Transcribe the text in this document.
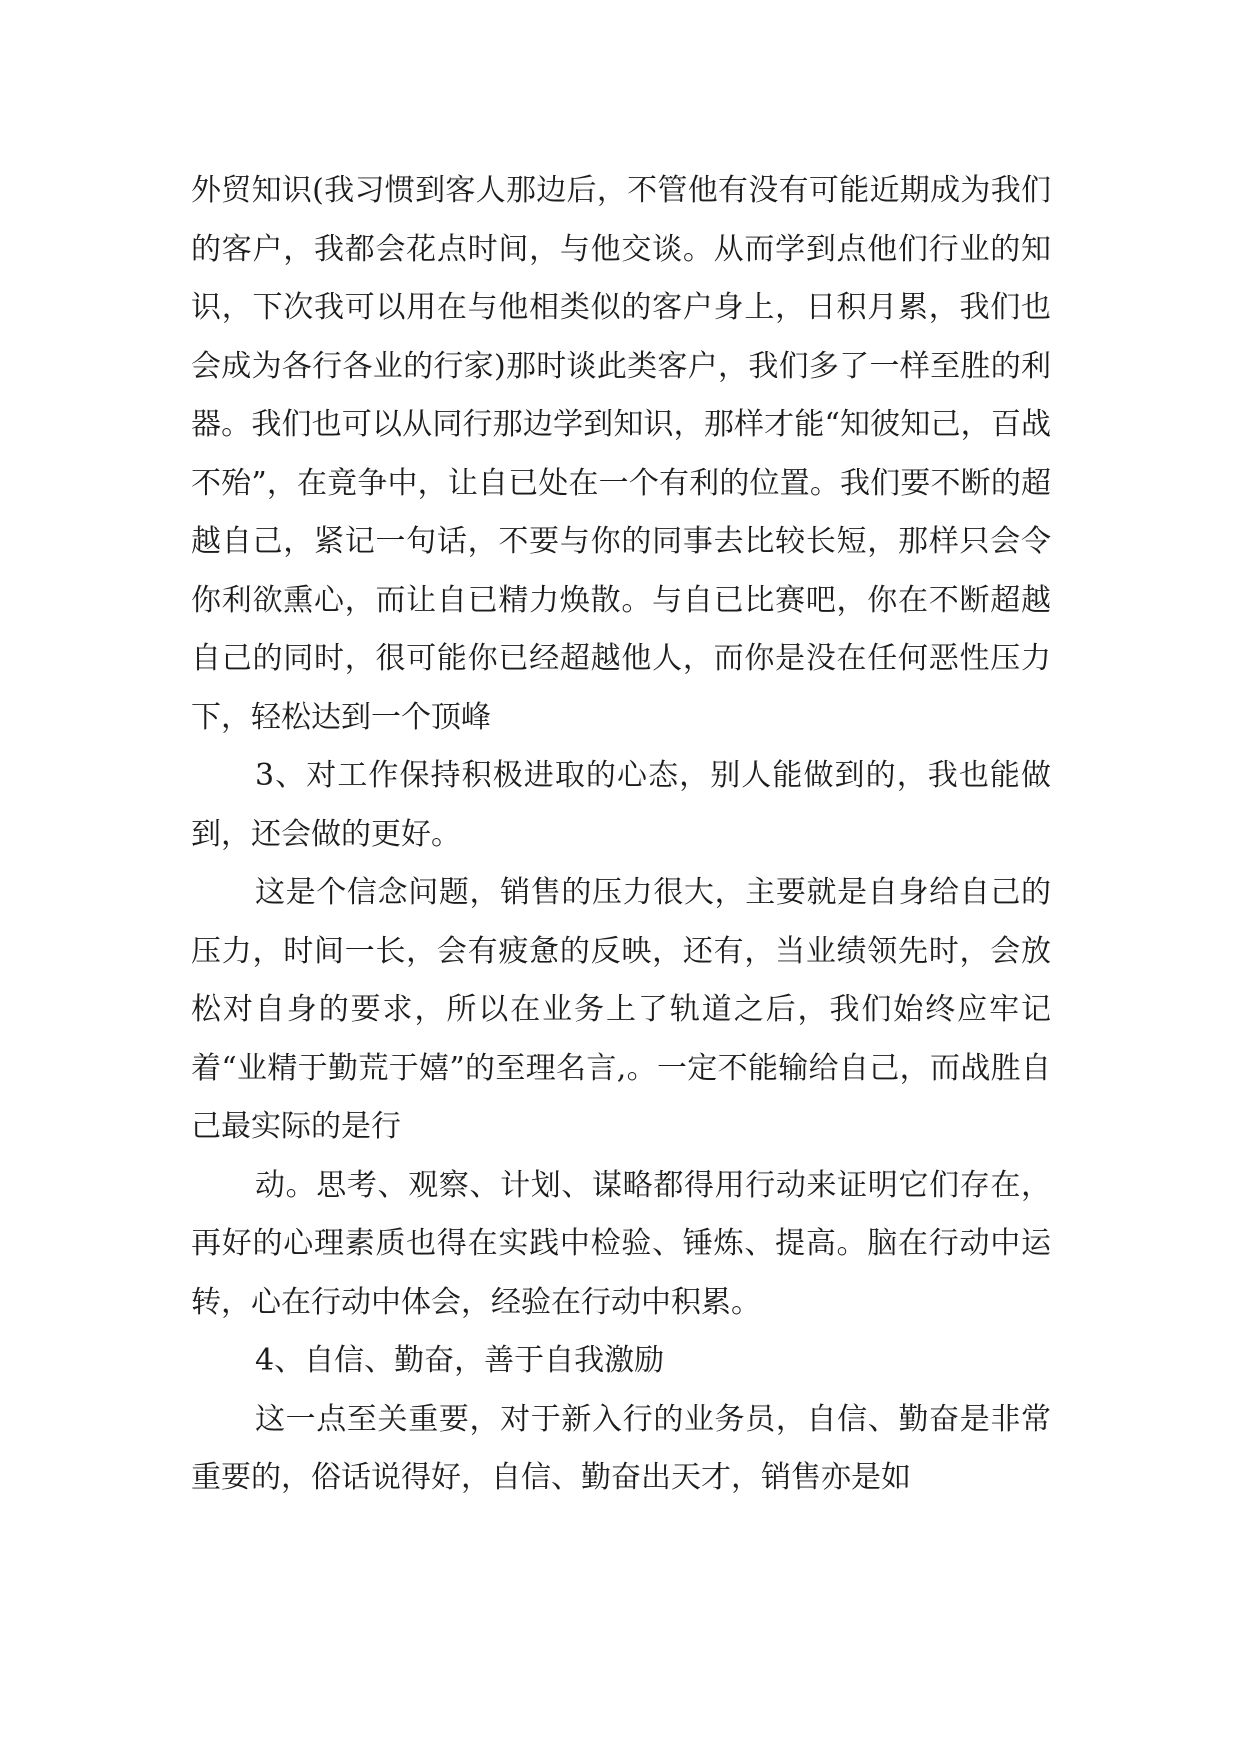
外贸知识(我习惯到客人那边后，不管他有没有可能近期成为我们的客户，我都会花点时间，与他交谈。从而学到点他们行业的知识，下次我可以用在与他相类似的客户身上，日积月累，我们也会成为各行各业的行家)那时谈此类客户，我们多了一样至胜的利器。我们也可以从同行那边学到知识，那样才能“知彼知己，百战不殆”，在竟争中，让自已处在一个有利的位置。我们要不断的超越自己，紧记一句话，不要与你的同事去比较长短，那样只会令你利欲熏心，而让自已精力焕散。与自已比赛吧，你在不断超越自己的同时，很可能你已经超越他人，而你是没在任何恶性压力下，轻松达到一个顶峰

3、对工作保持积极进取的心态，别人能做到的，我也能做到，还会做的更好。

这是个信念问题，销售的压力很大，主要就是自身给自己的压力，时间一长，会有疲惫的反映，还有，当业绩领先时，会放松对自身的要求，所以在业务上了轨道之后，我们始终应牢记着“业精于勤荒于嬉”的至理名言,。一定不能输给自己，而战胜自己最实际的是行

动。思考、观察、计划、谋略都得用行动来证明它们存在，再好的心理素质也得在实践中检验、锤炼、提高。脑在行动中运转，心在行动中体会，经验在行动中积累。

4、自信、勤奋，善于自我激励

这一点至关重要，对于新入行的业务员，自信、勤奋是非常重要的，俗话说得好，自信、勤奋出天才，销售亦是如
